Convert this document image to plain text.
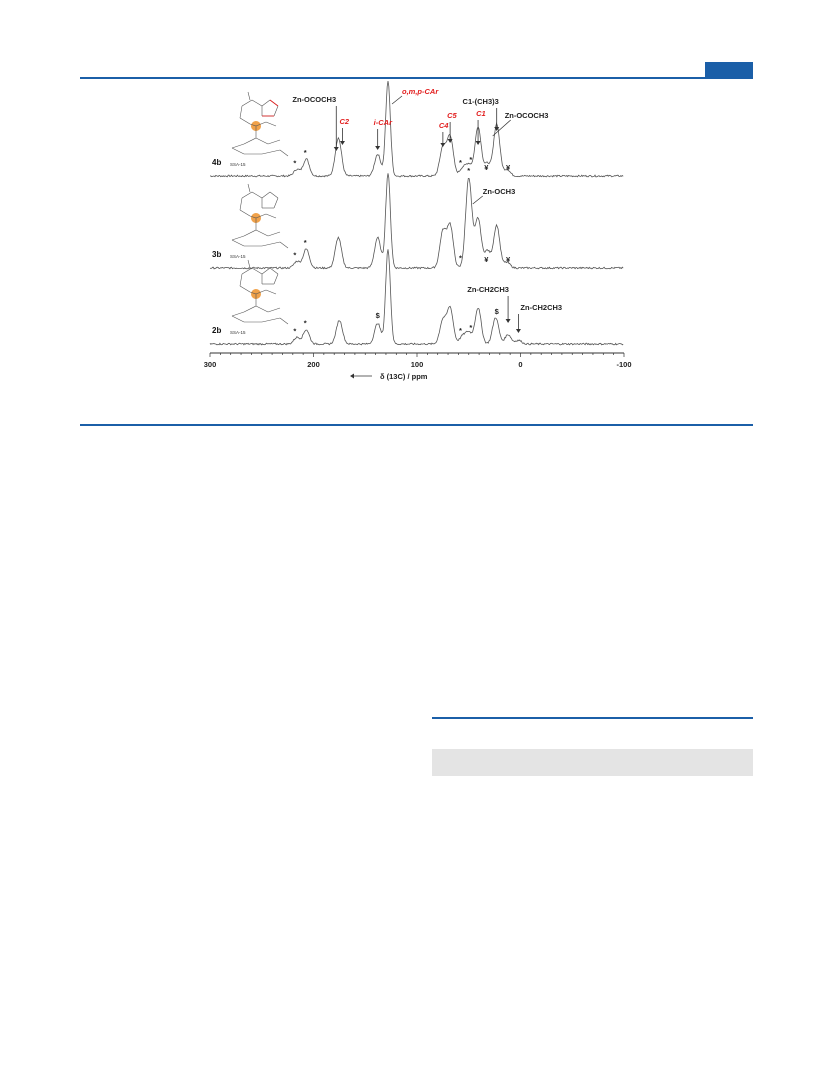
4b SSA-15
3b SSA-15
2b SSA-15
Zn-OCOCH3
C2	i-CAr
o,m,p-CAr
C4
C5	C1
C1-(CH3)3
Zn-OCOCH3
Zn-OCH3
Zn-CH2CH3
Zn-CH2CH3
*
*
* *
¥ ¥
*
*
*
*
¥ ¥
*
*
$
* *
$
300	200	100	0	-100
δ (13C) / ppm
